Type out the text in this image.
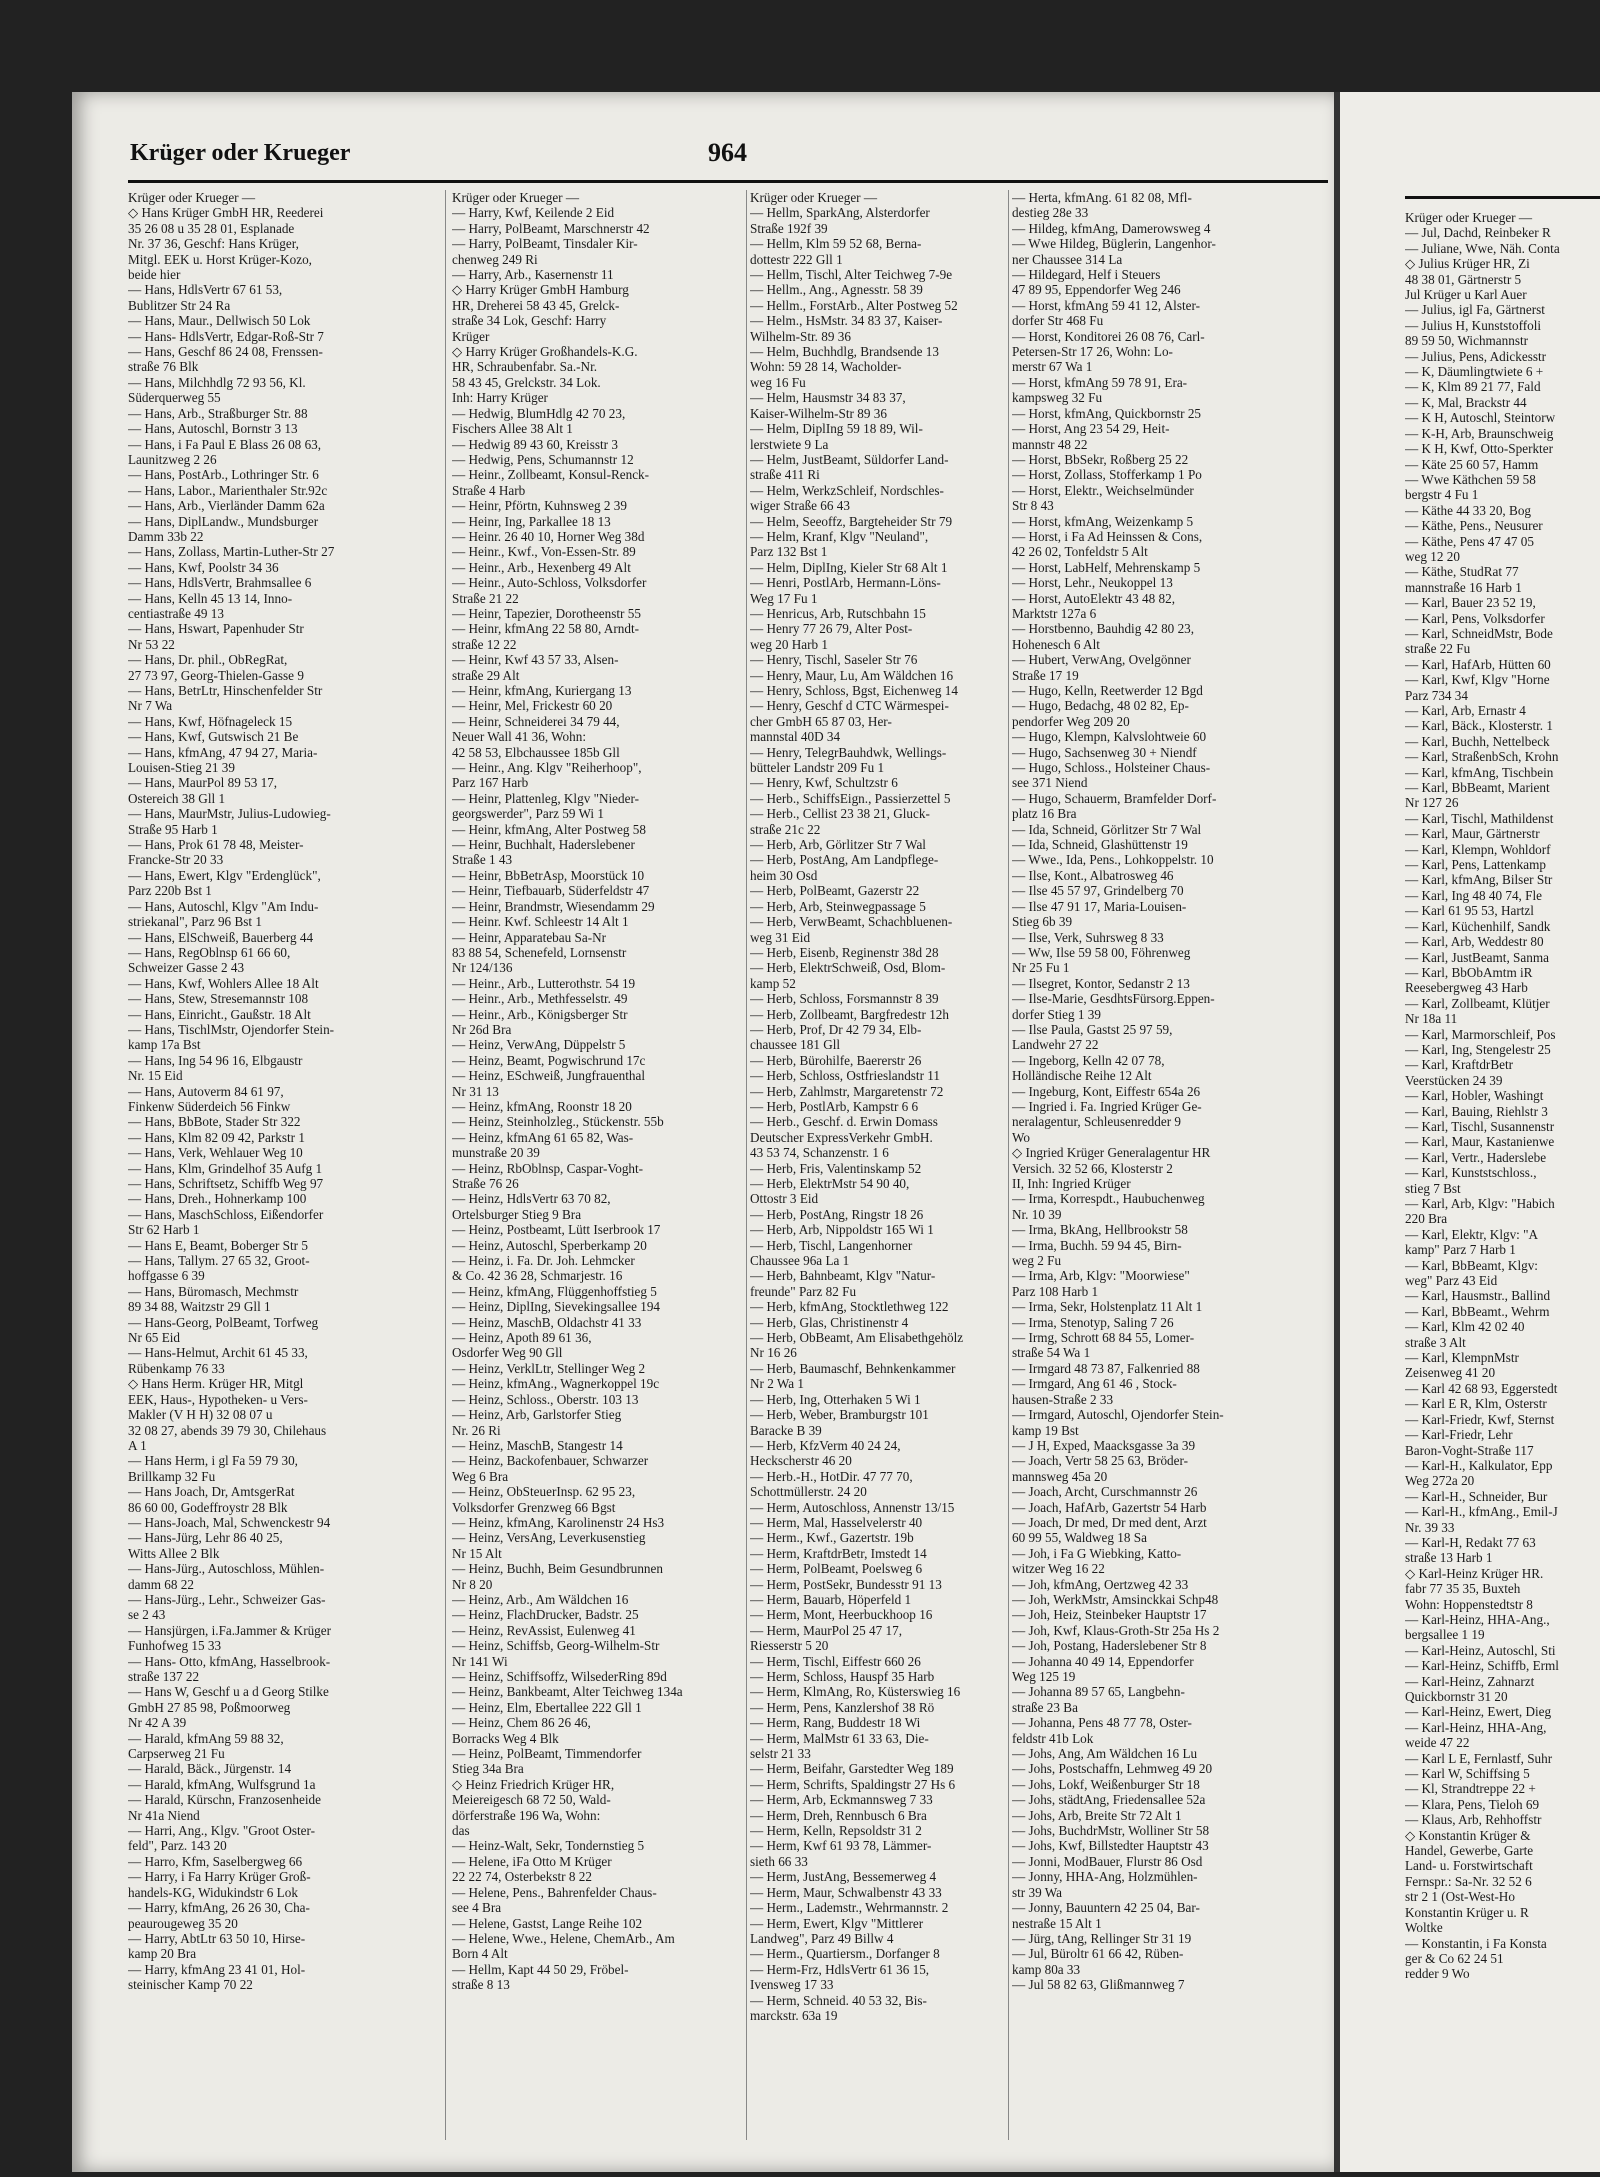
Krüger oder Krueger	964
Krüger oder Krueger —
◇ Hans Krüger GmbH HR, Reederei
35 26 08 u 35 28 01, Esplanade
Nr. 37 36, Geschf: Hans Krüger,
Mitgl. EEK u. Horst Krüger-Kozo,
beide hier
— Hans, HdlsVertr 67 61 53,
Bublitzer Str 24 Ra
— Hans, Maur., Dellwisch 50 Lok
— Hans- HdlsVertr, Edgar-Roß-Str 7
— Hans, Geschf 86 24 08, Frenssen-
straße 76 Blk
— Hans, Milchhdlg 72 93 56, Kl.
Süderquerweg 55
— Hans, Arb., Straßburger Str. 88
— Hans, Autoschl, Bornstr 3 13
— Hans, i Fa Paul E Blass 26 08 63,
Launitzweg 2 26
— Hans, PostArb., Lothringer Str. 6
— Hans, Labor., Marienthaler Str.92c
— Hans, Arb., Vierländer Damm 62a
— Hans, DiplLandw., Mundsburger
Damm 33b 22
— Hans, Zollass, Martin-Luther-Str 27
— Hans, Kwf, Poolstr 34 36
— Hans, HdlsVertr, Brahmsallee 6
— Hans, Kelln 45 13 14, Inno-
centiastraße 49 13
— Hans, Hswart, Papenhuder Str
Nr 53 22
— Hans, Dr. phil., ObRegRat,
27 73 97, Georg-Thielen-Gasse 9
— Hans, BetrLtr, Hinschenfelder Str
Nr 7 Wa
— Hans, Kwf, Höfnageleck 15
— Hans, Kwf, Gutswisch 21 Be
— Hans, kfmAng, 47 94 27, Maria-
Louisen-Stieg 21 39
— Hans, MaurPol 89 53 17,
Ostereich 38 Gll 1
— Hans, MaurMstr, Julius-Ludowieg-
Straße 95 Harb 1
— Hans, Prok 61 78 48, Meister-
Francke-Str 20 33
— Hans, Ewert, Klgv "Erdenglück",
Parz 220b Bst 1
— Hans, Autoschl, Klgv "Am Indu-
striekanal", Parz 96 Bst 1
— Hans, ElSchweiß, Bauerberg 44
— Hans, RegOblnsp 61 66 60,
Schweizer Gasse 2 43
— Hans, Kwf, Wohlers Allee 18 Alt
— Hans, Stew, Stresemannstr 108
— Hans, Einricht., Gaußstr. 18 Alt
— Hans, TischlMstr, Ojendorfer Stein-
kamp 17a Bst
— Hans, Ing 54 96 16, Elbgaustr
Nr. 15 Eid
— Hans, Autoverm 84 61 97,
Finkenw Süderdeich 56 Finkw
— Hans, BbBote, Stader Str 322
— Hans, Klm 82 09 42, Parkstr 1
— Hans, Verk, Wehlauer Weg 10
— Hans, Klm, Grindelhof 35 Aufg 1
— Hans, Schriftsetz, Schiffb Weg 97
— Hans, Dreh., Hohnerkamp 100
— Hans, MaschSchloss, Eißendorfer
Str 62 Harb 1
— Hans E, Beamt, Boberger Str 5
— Hans, Tallym. 27 65 32, Groot-
hoffgasse 6 39
— Hans, Büromasch, Mechmstr
89 34 88, Waitzstr 29 Gll 1
— Hans-Georg, PolBeamt, Torfweg
Nr 65 Eid
— Hans-Helmut, Archit 61 45 33,
Rübenkamp 76 33
◇ Hans Herm. Krüger HR, Mitgl
EEK, Haus-, Hypotheken- u Vers-
Makler (V H H) 32 08 07 u
32 08 27, abends 39 79 30, Chilehaus
A 1
— Hans Herm, i gl Fa 59 79 30,
Brillkamp 32 Fu
— Hans Joach, Dr, AmtsgerRat
86 60 00, Godeffroystr 28 Blk
— Hans-Joach, Mal, Schwenckestr 94
— Hans-Jürg, Lehr 86 40 25,
Witts Allee 2 Blk
— Hans-Jürg., Autoschloss, Mühlen-
damm 68 22
— Hans-Jürg., Lehr., Schweizer Gas-
se 2 43
— Hansjürgen, i.Fa.Jammer & Krüger
Funhofweg 15 33
— Hans- Otto, kfmAng, Hasselbrook-
straße 137 22
— Hans W, Geschf u a d Georg Stilke
GmbH 27 85 98, Poßmoorweg
Nr 42 A 39
— Harald, kfmAng 59 88 32,
Carpserweg 21 Fu
— Harald, Bäck., Jürgenstr. 14
— Harald, kfmAng, Wulfsgrund 1a
— Harald, Kürschn, Franzosenheide
Nr 41a Niend
— Harri, Ang., Klgv. "Groot Oster-
feld", Parz. 143 20
— Harro, Kfm, Saselbergweg 66
— Harry, i Fa Harry Krüger Groß-
handels-KG, Widukindstr 6 Lok
— Harry, kfmAng, 26 26 30, Cha-
peaurougeweg 35 20
— Harry, AbtLtr 63 50 10, Hirse-
kamp 20 Bra
— Harry, kfmAng 23 41 01, Hol-
steinischer Kamp 70 22
Krüger oder Krueger —
— Harry, Kwf, Keilende 2 Eid
— Harry, PolBeamt, Marschnerstr 42
— Harry, PolBeamt, Tinsdaler Kir-
chenweg 249 Ri
— Harry, Arb., Kasernenstr 11
◇ Harry Krüger GmbH Hamburg
HR, Dreherei 58 43 45, Grelck-
straße 34 Lok, Geschf: Harry
Krüger
◇ Harry Krüger Großhandels-K.G.
HR, Schraubenfabr. Sa.-Nr.
58 43 45, Grelckstr. 34 Lok.
Inh: Harry Krüger
— Hedwig, BlumHdlg 42 70 23,
Fischers Allee 38 Alt 1
— Hedwig 89 43 60, Kreisstr 3
— Hedwig, Pens, Schumannstr 12
— Heinr., Zollbeamt, Konsul-Renck-
Straße 4 Harb
— Heinr, Pförtn, Kuhnsweg 2 39
— Heinr, Ing, Parkallee 18 13
— Heinr. 26 40 10, Horner Weg 38d
— Heinr., Kwf., Von-Essen-Str. 89
— Heinr., Arb., Hexenberg 49 Alt
— Heinr., Auto-Schloss, Volksdorfer
Straße 21 22
— Heinr, Tapezier, Dorotheenstr 55
— Heinr, kfmAng 22 58 80, Arndt-
straße 12 22
— Heinr, Kwf 43 57 33, Alsen-
straße 29 Alt
— Heinr, kfmAng, Kuriergang 13
— Heinr, Mel, Frickestr 60 20
— Heinr, Schneiderei 34 79 44,
Neuer Wall 41 36, Wohn:
42 58 53, Elbchaussee 185b Gll
— Heinr., Ang. Klgv "Reiherhoop",
Parz 167 Harb
— Heinr, Plattenleg, Klgv "Nieder-
georgswerder", Parz 59 Wi 1
— Heinr, kfmAng, Alter Postweg 58
— Heinr, Buchhalt, Haderslebener
Straße 1 43
— Heinr, BbBetrAsp, Moorstück 10
— Heinr, Tiefbauarb, Süderfeldstr 47
— Heinr, Brandmstr, Wiesendamm 29
— Heinr. Kwf. Schleestr 14 Alt 1
— Heinr, Apparatebau Sa-Nr
83 88 54, Schenefeld, Lornsenstr
Nr 124/136
— Heinr., Arb., Lutterothstr. 54 19
— Heinr., Arb., Methfesselstr. 49
— Heinr., Arb., Königsberger Str
Nr 26d Bra
— Heinz, VerwAng, Düppelstr 5
— Heinz, Beamt, Pogwischrund 17c
— Heinz, ESchweiß, Jungfrauenthal
Nr 31 13
— Heinz, kfmAng, Roonstr 18 20
— Heinz, Steinholzleg., Stückenstr. 55b
— Heinz, kfmAng 61 65 82, Was-
munstraße 20 39
— Heinz, RbOblnsp, Caspar-Voght-
Straße 76 26
— Heinz, HdlsVertr 63 70 82,
Ortelsburger Stieg 9 Bra
— Heinz, Postbeamt, Lütt Iserbrook 17
— Heinz, Autoschl, Sperberkamp 20
— Heinz, i. Fa. Dr. Joh. Lehmcker
& Co. 42 36 28, Schmarjestr. 16
— Heinz, kfmAng, Flüggenhoffstieg 5
— Heinz, DiplIng, Sievekingsallee 194
— Heinz, MaschB, Oldachstr 41 33
— Heinz, Apoth 89 61 36,
Osdorfer Weg 90 Gll
— Heinz, VerklLtr, Stellinger Weg 2
— Heinz, kfmAng., Wagnerkoppel 19c
— Heinz, Schloss., Oberstr. 103 13
— Heinz, Arb, Garlstorfer Stieg
Nr. 26 Ri
— Heinz, MaschB, Stangestr 14
— Heinz, Backofenbauer, Schwarzer
Weg 6 Bra
— Heinz, ObSteuerInsp. 62 95 23,
Volksdorfer Grenzweg 66 Bgst
— Heinz, kfmAng, Karolinenstr 24 Hs3
— Heinz, VersAng, Leverkusenstieg
Nr 15 Alt
— Heinz, Buchh, Beim Gesundbrunnen
Nr 8 20
— Heinz, Arb., Am Wäldchen 16
— Heinz, FlachDrucker, Badstr. 25
— Heinz, RevAssist, Eulenweg 41
— Heinz, Schiffsb, Georg-Wilhelm-Str
Nr 141 Wi
— Heinz, Schiffsoffz, WilsederRing 89d
— Heinz, Bankbeamt, Alter Teichweg 134a
— Heinz, Elm, Ebertallee 222 Gll 1
— Heinz, Chem 86 26 46,
Borracks Weg 4 Blk
— Heinz, PolBeamt, Timmendorfer
Stieg 34a Bra
◇ Heinz Friedrich Krüger HR,
Meiereigesch 68 72 50, Wald-
dörferstraße 196 Wa, Wohn:
das
— Heinz-Walt, Sekr, Tondernstieg 5
— Helene, iFa Otto M Krüger
22 22 74, Osterbekstr 8 22
— Helene, Pens., Bahrenfelder Chaus-
see 4 Bra
— Helene, Gastst, Lange Reihe 102
— Helene, Wwe., Helene, ChemArb., Am
Born 4 Alt
— Hellm, Kapt 44 50 29, Fröbel-
straße 8 13
Krüger oder Krueger —
— Hellm, SparkAng, Alsterdorfer
Straße 192f 39
— Hellm, Klm 59 52 68, Berna-
dottestr 222 Gll 1
— Hellm, Tischl, Alter Teichweg 7-9e
— Hellm., Ang., Agnesstr. 58 39
— Hellm., ForstArb., Alter Postweg 52
— Helm., HsMstr. 34 83 37, Kaiser-
Wilhelm-Str. 89 36
— Helm, Buchhdlg, Brandsende 13
Wohn: 59 28 14, Wacholder-
weg 16 Fu
— Helm, Hausmstr 34 83 37,
Kaiser-Wilhelm-Str 89 36
— Helm, DiplIng 59 18 89, Wil-
lerstwiete 9 La
— Helm, JustBeamt, Süldorfer Land-
straße 411 Ri
— Helm, WerkzSchleif, Nordschles-
wiger Straße 66 43
— Helm, Seeoffz, Bargteheider Str 79
— Helm, Kranf, Klgv "Neuland",
Parz 132 Bst 1
— Helm, DiplIng, Kieler Str 68 Alt 1
— Henri, PostlArb, Hermann-Löns-
Weg 17 Fu 1
— Henricus, Arb, Rutschbahn 15
— Henry 77 26 79, Alter Post-
weg 20 Harb 1
— Henry, Tischl, Saseler Str 76
— Henry, Maur, Lu, Am Wäldchen 16
— Henry, Schloss, Bgst, Eichenweg 14
— Henry, Geschf d CTC Wärmespei-
cher GmbH 65 87 03, Her-
mannstal 40D 34
— Henry, TelegrBauhdwk, Wellings-
bütteler Landstr 209 Fu 1
— Henry, Kwf, Schultzstr 6
— Herb., SchiffsEign., Passierzettel 5
— Herb., Cellist 23 38 21, Gluck-
straße 21c 22
— Herb, Arb, Görlitzer Str 7 Wal
— Herb, PostAng, Am Landpflege-
heim 30 Osd
— Herb, PolBeamt, Gazerstr 22
— Herb, Arb, Steinwegpassage 5
— Herb, VerwBeamt, Schachbluenen-
weg 31 Eid
— Herb, Eisenb, Reginenstr 38d 28
— Herb, ElektrSchweiß, Osd, Blom-
kamp 52
— Herb, Schloss, Forsmannstr 8 39
— Herb, Zollbeamt, Bargfredestr 12h
— Herb, Prof, Dr 42 79 34, Elb-
chaussee 181 Gll
— Herb, Bürohilfe, Baererstr 26
— Herb, Schloss, Ostfrieslandstr 11
— Herb, Zahlmstr, Margaretenstr 72
— Herb, PostlArb, Kampstr 6 6
— Herb., Geschf. d. Erwin Domass
Deutscher ExpressVerkehr GmbH.
43 53 74, Schanzenstr. 1 6
— Herb, Fris, Valentinskamp 52
— Herb, ElektrMstr 54 90 40,
Ottostr 3 Eid
— Herb, PostAng, Ringstr 18 26
— Herb, Arb, Nippoldstr 165 Wi 1
— Herb, Tischl, Langenhorner
Chaussee 96a La 1
— Herb, Bahnbeamt, Klgv "Natur-
freunde" Parz 82 Fu
— Herb, kfmAng, Stocktlethweg 122
— Herb, Glas, Christinenstr 4
— Herb, ObBeamt, Am Elisabethgehölz
Nr 16 26
— Herb, Baumaschf, Behnkenkammer
Nr 2 Wa 1
— Herb, Ing, Otterhaken 5 Wi 1
— Herb, Weber, Bramburgstr 101
Baracke B 39
— Herb, KfzVerm 40 24 24,
Heckscherstr 46 20
— Herb.-H., HotDir. 47 77 70,
Schottmüllerstr. 24 20
— Herm, Autoschloss, Annenstr 13/15
— Herm, Mal, Hasselvelerstr 40
— Herm., Kwf., Gazertstr. 19b
— Herm, KraftdrBetr, Imstedt 14
— Herm, PolBeamt, Poelsweg 6
— Herm, PostSekr, Bundesstr 91 13
— Herm, Bauarb, Höperfeld 1
— Herm, Mont, Heerbuckhoop 16
— Herm, MaurPol 25 47 17,
Riesserstr 5 20
— Herm, Tischl, Eiffestr 660 26
— Herm, Schloss, Hauspf 35 Harb
— Herm, KlmAng, Ro, Küsterswieg 16
— Herm, Pens, Kanzlershof 38 Rö
— Herm, Rang, Buddestr 18 Wi
— Herm, MalMstr 61 33 63, Die-
selstr 21 33
— Herm, Beifahr, Garstedter Weg 189
— Herm, Schrifts, Spaldingstr 27 Hs 6
— Herm, Arb, Eckmannsweg 7 33
— Herm, Dreh, Rennbusch 6 Bra
— Herm, Kelln, Repsoldstr 31 2
— Herm, Kwf 61 93 78, Lämmer-
sieth 66 33
— Herm, JustAng, Bessemerweg 4
— Herm, Maur, Schwalbenstr 43 33
— Herm., Lademstr., Wehrmannstr. 2
— Herm, Ewert, Klgv "Mittlerer
Landweg", Parz 49 Billw 4
— Herm., Quartiersm., Dorfanger 8
— Herm-Frz, HdlsVertr 61 36 15,
Ivensweg 17 33
— Herm, Schneid. 40 53 32, Bis-
marckstr. 63a 19
— Herta, kfmAng. 61 82 08, Mfl-
destieg 28e 33
— Hildeg, kfmAng, Damerowsweg 4
— Wwe Hildeg, Büglerin, Langenhor-
ner Chaussee 314 La
— Hildegard, Helf i Steuers
47 89 95, Eppendorfer Weg 246
— Horst, kfmAng 59 41 12, Alster-
dorfer Str 468 Fu
— Horst, Konditorei 26 08 76, Carl-
Petersen-Str 17 26, Wohn: Lo-
merstr 67 Wa 1
— Horst, kfmAng 59 78 91, Era-
kampsweg 32 Fu
— Horst, kfmAng, Quickbornstr 25
— Horst, Ang 23 54 29, Heit-
mannstr 48 22
— Horst, BbSekr, Roßberg 25 22
— Horst, Zollass, Stofferkamp 1 Po
— Horst, Elektr., Weichselmünder
Str 8 43
— Horst, kfmAng, Weizenkamp 5
— Horst, i Fa Ad Heinssen & Cons,
42 26 02, Tonfeldstr 5 Alt
— Horst, LabHelf, Mehrenskamp 5
— Horst, Lehr., Neukoppel 13
— Horst, AutoElektr 43 48 82,
Marktstr 127a 6
— Horstbenno, Bauhdig 42 80 23,
Hohenesch 6 Alt
— Hubert, VerwAng, Ovelgönner
Straße 17 19
— Hugo, Kelln, Reetwerder 12 Bgd
— Hugo, Bedachg, 48 02 82, Ep-
pendorfer Weg 209 20
— Hugo, Klempn, Kalvslohtweie 60
— Hugo, Sachsenweg 30 + Niendf
— Hugo, Schloss., Holsteiner Chaus-
see 371 Niend
— Hugo, Schauerm, Bramfelder Dorf-
platz 16 Bra
— Ida, Schneid, Görlitzer Str 7 Wal
— Ida, Schneid, Glashüttenstr 19
— Wwe., Ida, Pens., Lohkoppelstr. 10
— Ilse, Kont., Albatrosweg 46
— Ilse 45 57 97, Grindelberg 70
— Ilse 47 91 17, Maria-Louisen-
Stieg 6b 39
— Ilse, Verk, Suhrsweg 8 33
— Ww, Ilse 59 58 00, Föhrenweg
Nr 25 Fu 1
— Ilsegret, Kontor, Sedanstr 2 13
— Ilse-Marie, GesdhtsFürsorg.Eppen-
dorfer Stieg 1 39
— Ilse Paula, Gastst 25 97 59,
Landwehr 27 22
— Ingeborg, Kelln 42 07 78,
Holländische Reihe 12 Alt
— Ingeburg, Kont, Eiffestr 654a 26
— Ingried i. Fa. Ingried Krüger Ge-
neralagentur, Schleusenredder 9
Wo
◇ Ingried Krüger Generalagentur HR
Versich. 32 52 66, Klosterstr 2
II, Inh: Ingried Krüger
— Irma, Korrespdt., Haubuchenweg
Nr. 10 39
— Irma, BkAng, Hellbrookstr 58
— Irma, Buchh. 59 94 45, Birn-
weg 2 Fu
— Irma, Arb, Klgv: "Moorwiese"
Parz 108 Harb 1
— Irma, Sekr, Holstenplatz 11 Alt 1
— Irma, Stenotyp, Saling 7 26
— Irmg, Schrott 68 84 55, Lomer-
straße 54 Wa 1
— Irmgard 48 73 87, Falkenried 88
— Irmgard, Ang 61 46 , Stock-
hausen-Straße 2 33
— Irmgard, Autoschl, Ojendorfer Stein-
kamp 19 Bst
— J H, Exped, Maacksgasse 3a 39
— Joach, Vertr 58 25 63, Bröder-
mannsweg 45a 20
— Joach, Archt, Curschmannstr 26
— Joach, HafArb, Gazertstr 54 Harb
— Joach, Dr med, Dr med dent, Arzt
60 99 55, Waldweg 18 Sa
— Joh, i Fa G Wiebking, Katto-
witzer Weg 16 22
— Joh, kfmAng, Oertzweg 42 33
— Joh, WerkMstr, Amsinckkai Schp48
— Joh, Heiz, Steinbeker Hauptstr 17
— Joh, Kwf, Klaus-Groth-Str 25a Hs 2
— Joh, Postang, Haderslebener Str 8
— Johanna 40 49 14, Eppendorfer
Weg 125 19
— Johanna 89 57 65, Langbehn-
straße 23 Ba
— Johanna, Pens 48 77 78, Oster-
feldstr 41b Lok
— Johs, Ang, Am Wäldchen 16 Lu
— Johs, Postschaffn, Lehmweg 49 20
— Johs, Lokf, Weißenburger Str 18
— Johs, städtAng, Friedensallee 52a
— Johs, Arb, Breite Str 72 Alt 1
— Johs, BuchdrMstr, Wolliner Str 58
— Johs, Kwf, Billstedter Hauptstr 43
— Jonni, ModBauer, Flurstr 86 Osd
— Jonny, HHA-Ang, Holzmühlen-
str 39 Wa
— Jonny, Bauuntern 42 25 04, Bar-
nestraße 15 Alt 1
— Jürg, tAng, Rellinger Str 31 19
— Jul, Büroltr 61 66 42, Rüben-
kamp 80a 33
— Jul 58 82 63, Glißmannweg 7
Krüger oder Krueger —
— Jul, Dachd, Reinbeker R
— Juliane, Wwe, Näh. Conta
◇ Julius Krüger HR, Zi
48 38 01, Gärtnerstr 5
Jul Krüger u Karl Auer
— Julius, igl Fa, Gärtnerst
— Julius H, Kunststoffoli
89 59 50, Wichmannstr
— Julius, Pens, Adickesstr
— K, Däumlingtwiete 6 +
— K, Klm 89 21 77, Fald
— K, Mal, Brackstr 44
— K H, Autoschl, Steintorw
— K-H, Arb, Braunschweig
— K H, Kwf, Otto-Sperkter
— Käte 25 60 57, Hamm
— Wwe Käthchen 59 58
bergstr 4 Fu 1
— Käthe 44 33 20, Bog
— Käthe, Pens., Neusurer
— Käthe, Pens 47 47 05
weg 12 20
— Käthe, StudRat 77
mannstraße 16 Harb 1
— Karl, Bauer 23 52 19,
— Karl, Pens, Volksdorfer
— Karl, SchneidMstr, Bode
straße 22 Fu
— Karl, HafArb, Hütten 60
— Karl, Kwf, Klgv "Horne
Parz 734 34
— Karl, Arb, Ernastr 4
— Karl, Bäck., Klosterstr. 1
— Karl, Buchh, Nettelbeck
— Karl, StraßenbSch, Krohn
— Karl, kfmAng, Tischbein
— Karl, BbBeamt, Marient
Nr 127 26
— Karl, Tischl, Mathildenst
— Karl, Maur, Gärtnerstr
— Karl, Klempn, Wohldorf
— Karl, Pens, Lattenkamp
— Karl, kfmAng, Bilser Str
— Karl, Ing 48 40 74, Fle
— Karl 61 95 53, Hartzl
— Karl, Küchenhilf, Sandk
— Karl, Arb, Weddestr 80
— Karl, JustBeamt, Sanma
— Karl, BbObAmtm iR
Reesebergweg 43 Harb
— Karl, Zollbeamt, Klütjer
Nr 18a 11
— Karl, Marmorschleif, Pos
— Karl, Ing, Stengelestr 25
— Karl, KraftdrBetr
Veerstücken 24 39
— Karl, Hobler, Washingt
— Karl, Bauing, Riehlstr 3
— Karl, Tischl, Susannenstr
— Karl, Maur, Kastanienwe
— Karl, Vertr., Haderslebe
— Karl, Kunststschloss.,
stieg 7 Bst
— Karl, Arb, Klgv: "Habich
220 Bra
— Karl, Elektr, Klgv: "A
kamp" Parz 7 Harb 1
— Karl, BbBeamt, Klgv:
weg" Parz 43 Eid
— Karl, Hausmstr., Ballind
— Karl, BbBeamt., Wehrm
— Karl, Klm 42 02 40
straße 3 Alt
— Karl, KlempnMstr
Zeisenweg 41 20
— Karl 42 68 93, Eggerstedt
— Karl E R, Klm, Osterstr
— Karl-Friedr, Kwf, Sternst
— Karl-Friedr, Lehr
Baron-Voght-Straße 117
— Karl-H., Kalkulator, Epp
Weg 272a 20
— Karl-H., Schneider, Bur
— Karl-H., kfmAng., Emil-J
Nr. 39 33
— Karl-H, Redakt 77 63
straße 13 Harb 1
◇ Karl-Heinz Krüger HR.
fabr 77 35 35, Buxteh
Wohn: Hoppenstedtstr 8
— Karl-Heinz, HHA-Ang.,
bergsallee 1 19
— Karl-Heinz, Autoschl, Sti
— Karl-Heinz, Schiffb, Erml
— Karl-Heinz, Zahnarzt
Quickbornstr 31 20
— Karl-Heinz, Ewert, Dieg
— Karl-Heinz, HHA-Ang,
weide 47 22
— Karl L E, Fernlastf, Suhr
— Karl W, Schiffsing 5
— Kl, Strandtreppe 22 +
— Klara, Pens, Tieloh 69
— Klaus, Arb, Rehhoffstr
◇ Konstantin Krüger &
Handel, Gewerbe, Garte
Land- u. Forstwirtschaft
Fernspr.: Sa-Nr. 32 52 6
str 2 1 (Ost-West-Ho
Konstantin Krüger u. R
Woltke
— Konstantin, i Fa Konsta
ger & Co 62 24 51
redder 9 Wo
